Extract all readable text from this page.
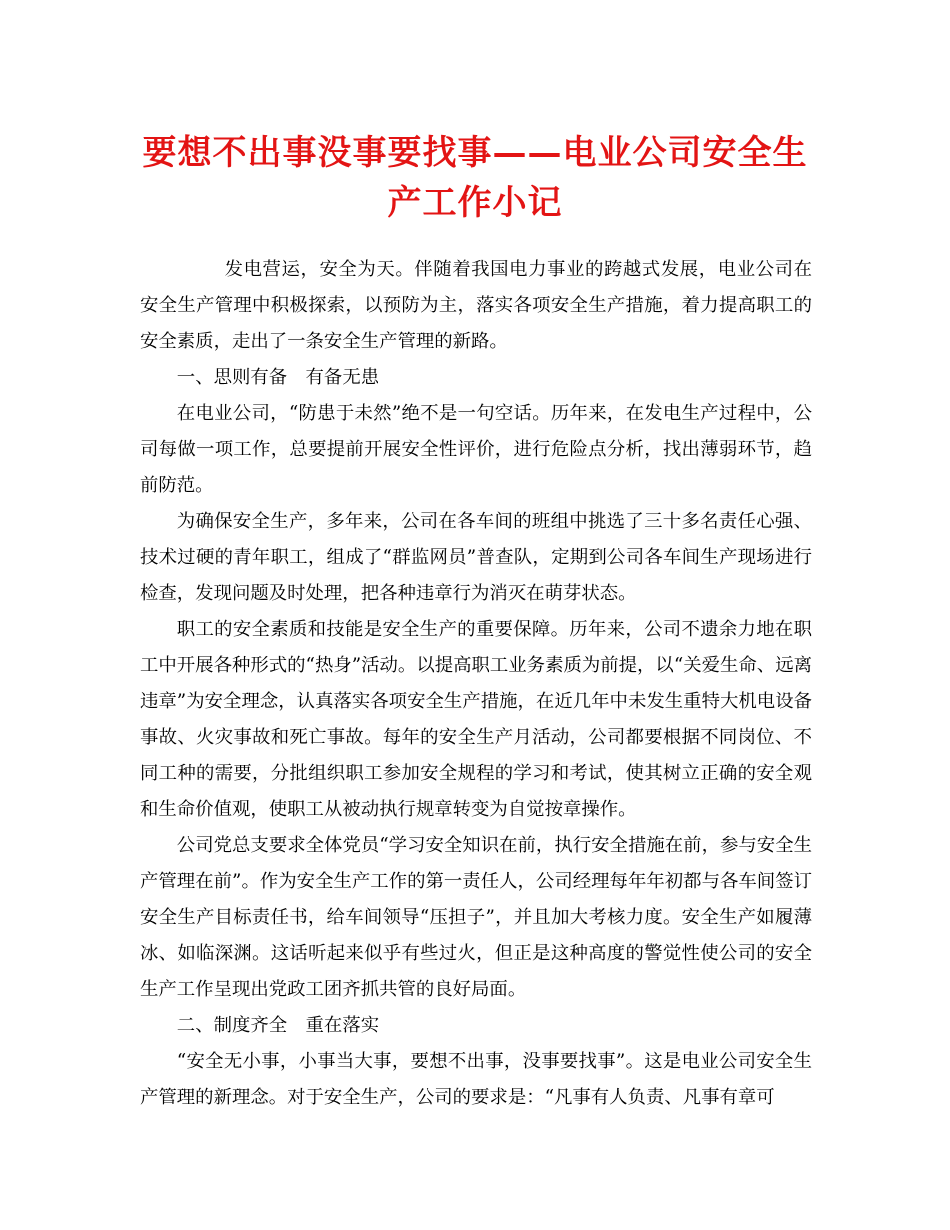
要想不出事没事要找事——电业公司安全生
产工作小记

发电营运，安全为天。伴随着我国电力事业的跨越式发展，电业公司在安全生产管理中积极探索，以预防为主，落实各项安全生产措施，着力提高职工的安全素质，走出了一条安全生产管理的新路。

一、思则有备　有备无患

在电业公司，“防患于未然”绝不是一句空话。历年来，在发电生产过程中，公司每做一项工作，总要提前开展安全性评价，进行危险点分析，找出薄弱环节，趋前防范。

为确保安全生产，多年来，公司在各车间的班组中挑选了三十多名责任心强、技术过硬的青年职工，组成了“群监网员”普查队，定期到公司各车间生产现场进行检查，发现问题及时处理，把各种违章行为消灭在萌芽状态。

职工的安全素质和技能是安全生产的重要保障。历年来，公司不遗余力地在职工中开展各种形式的“热身”活动。以提高职工业务素质为前提，以“关爱生命、远离违章”为安全理念，认真落实各项安全生产措施，在近几年中未发生重特大机电设备事故、火灾事故和死亡事故。每年的安全生产月活动，公司都要根据不同岗位、不同工种的需要，分批组织职工参加安全规程的学习和考试，使其树立正确的安全观和生命价值观，使职工从被动执行规章转变为自觉按章操作。

公司党总支要求全体党员“学习安全知识在前，执行安全措施在前，参与安全生产管理在前”。作为安全生产工作的第一责任人，公司经理每年年初都与各车间签订安全生产目标责任书，给车间领导“压担子”，并且加大考核力度。安全生产如履薄冰、如临深渊。这话听起来似乎有些过火，但正是这种高度的警觉性使公司的安全生产工作呈现出党政工团齐抓共管的良好局面。

二、制度齐全　重在落实

“安全无小事，小事当大事，要想不出事，没事要找事”。这是电业公司安全生产管理的新理念。对于安全生产，公司的要求是：“凡事有人负责、凡事有章可
